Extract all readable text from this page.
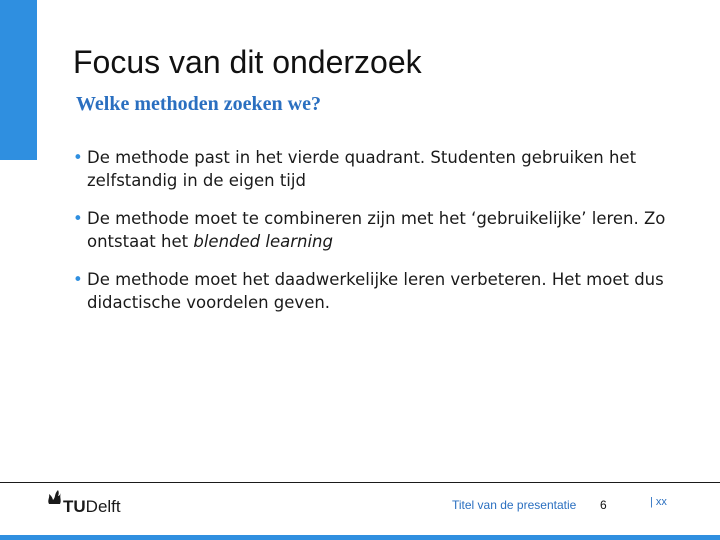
Focus van dit onderzoek
Welke methoden zoeken we?
• De methode past in het vierde quadrant. Studenten gebruiken het zelfstandig in de eigen tijd
• De methode moet te combineren zijn met het ‘gebruikelijke’ leren. Zo ontstaat het blended learning
• De methode moet het daadwerkelijke leren verbeteren. Het moet dus didactische voordelen geven.
TUDelft	Titel van de presentatie 6	| xx
